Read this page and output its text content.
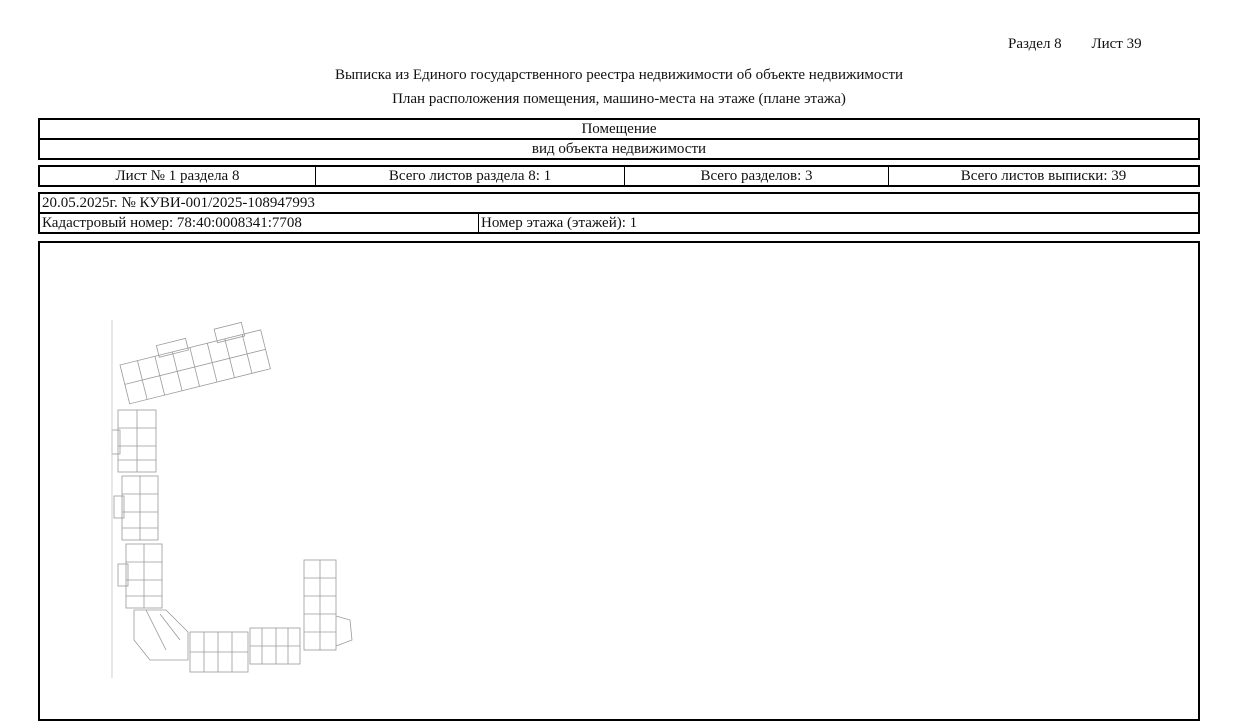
Раздел 8 Лист 39
Выписка из Единого государственного реестра недвижимости об объекте недвижимости
План расположения помещения, машино-места на этаже (плане этажа)
Помещение
вид объекта недвижимости
Лист № 1 раздела 8	Всего листов раздела 8: 1	Всего разделов: 3	Всего листов выписки: 39
20.05.2025г. № КУВИ-001/2025-108947993
Кадастровый номер: 78:40:0008341:7708	Номер этажа (этажей): 1
